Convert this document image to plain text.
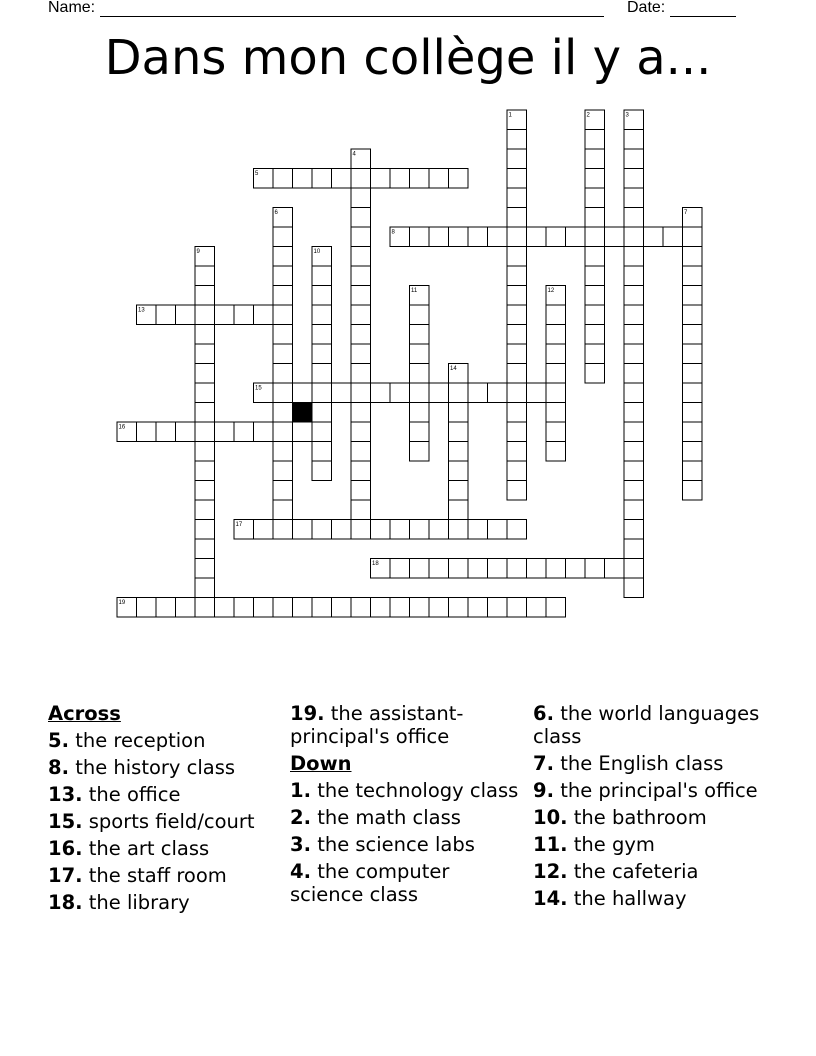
Name:	Date:
Dans mon collège il y a...
1	2	3
4
5
6	7
8
9	10
11	12
13
14
15
16
17
18
19
Across
5. the reception
8. the history class
13. the office
15. sports field/court
16. the art class
17. the staff room
18. the library
19. the assistant-principal's office
Down
1. the technology class
2. the math class
3. the science labs
4. the computer science class
6. the world languages class
7. the English class
9. the principal's office
10. the bathroom
11. the gym
12. the cafeteria
14. the hallway
